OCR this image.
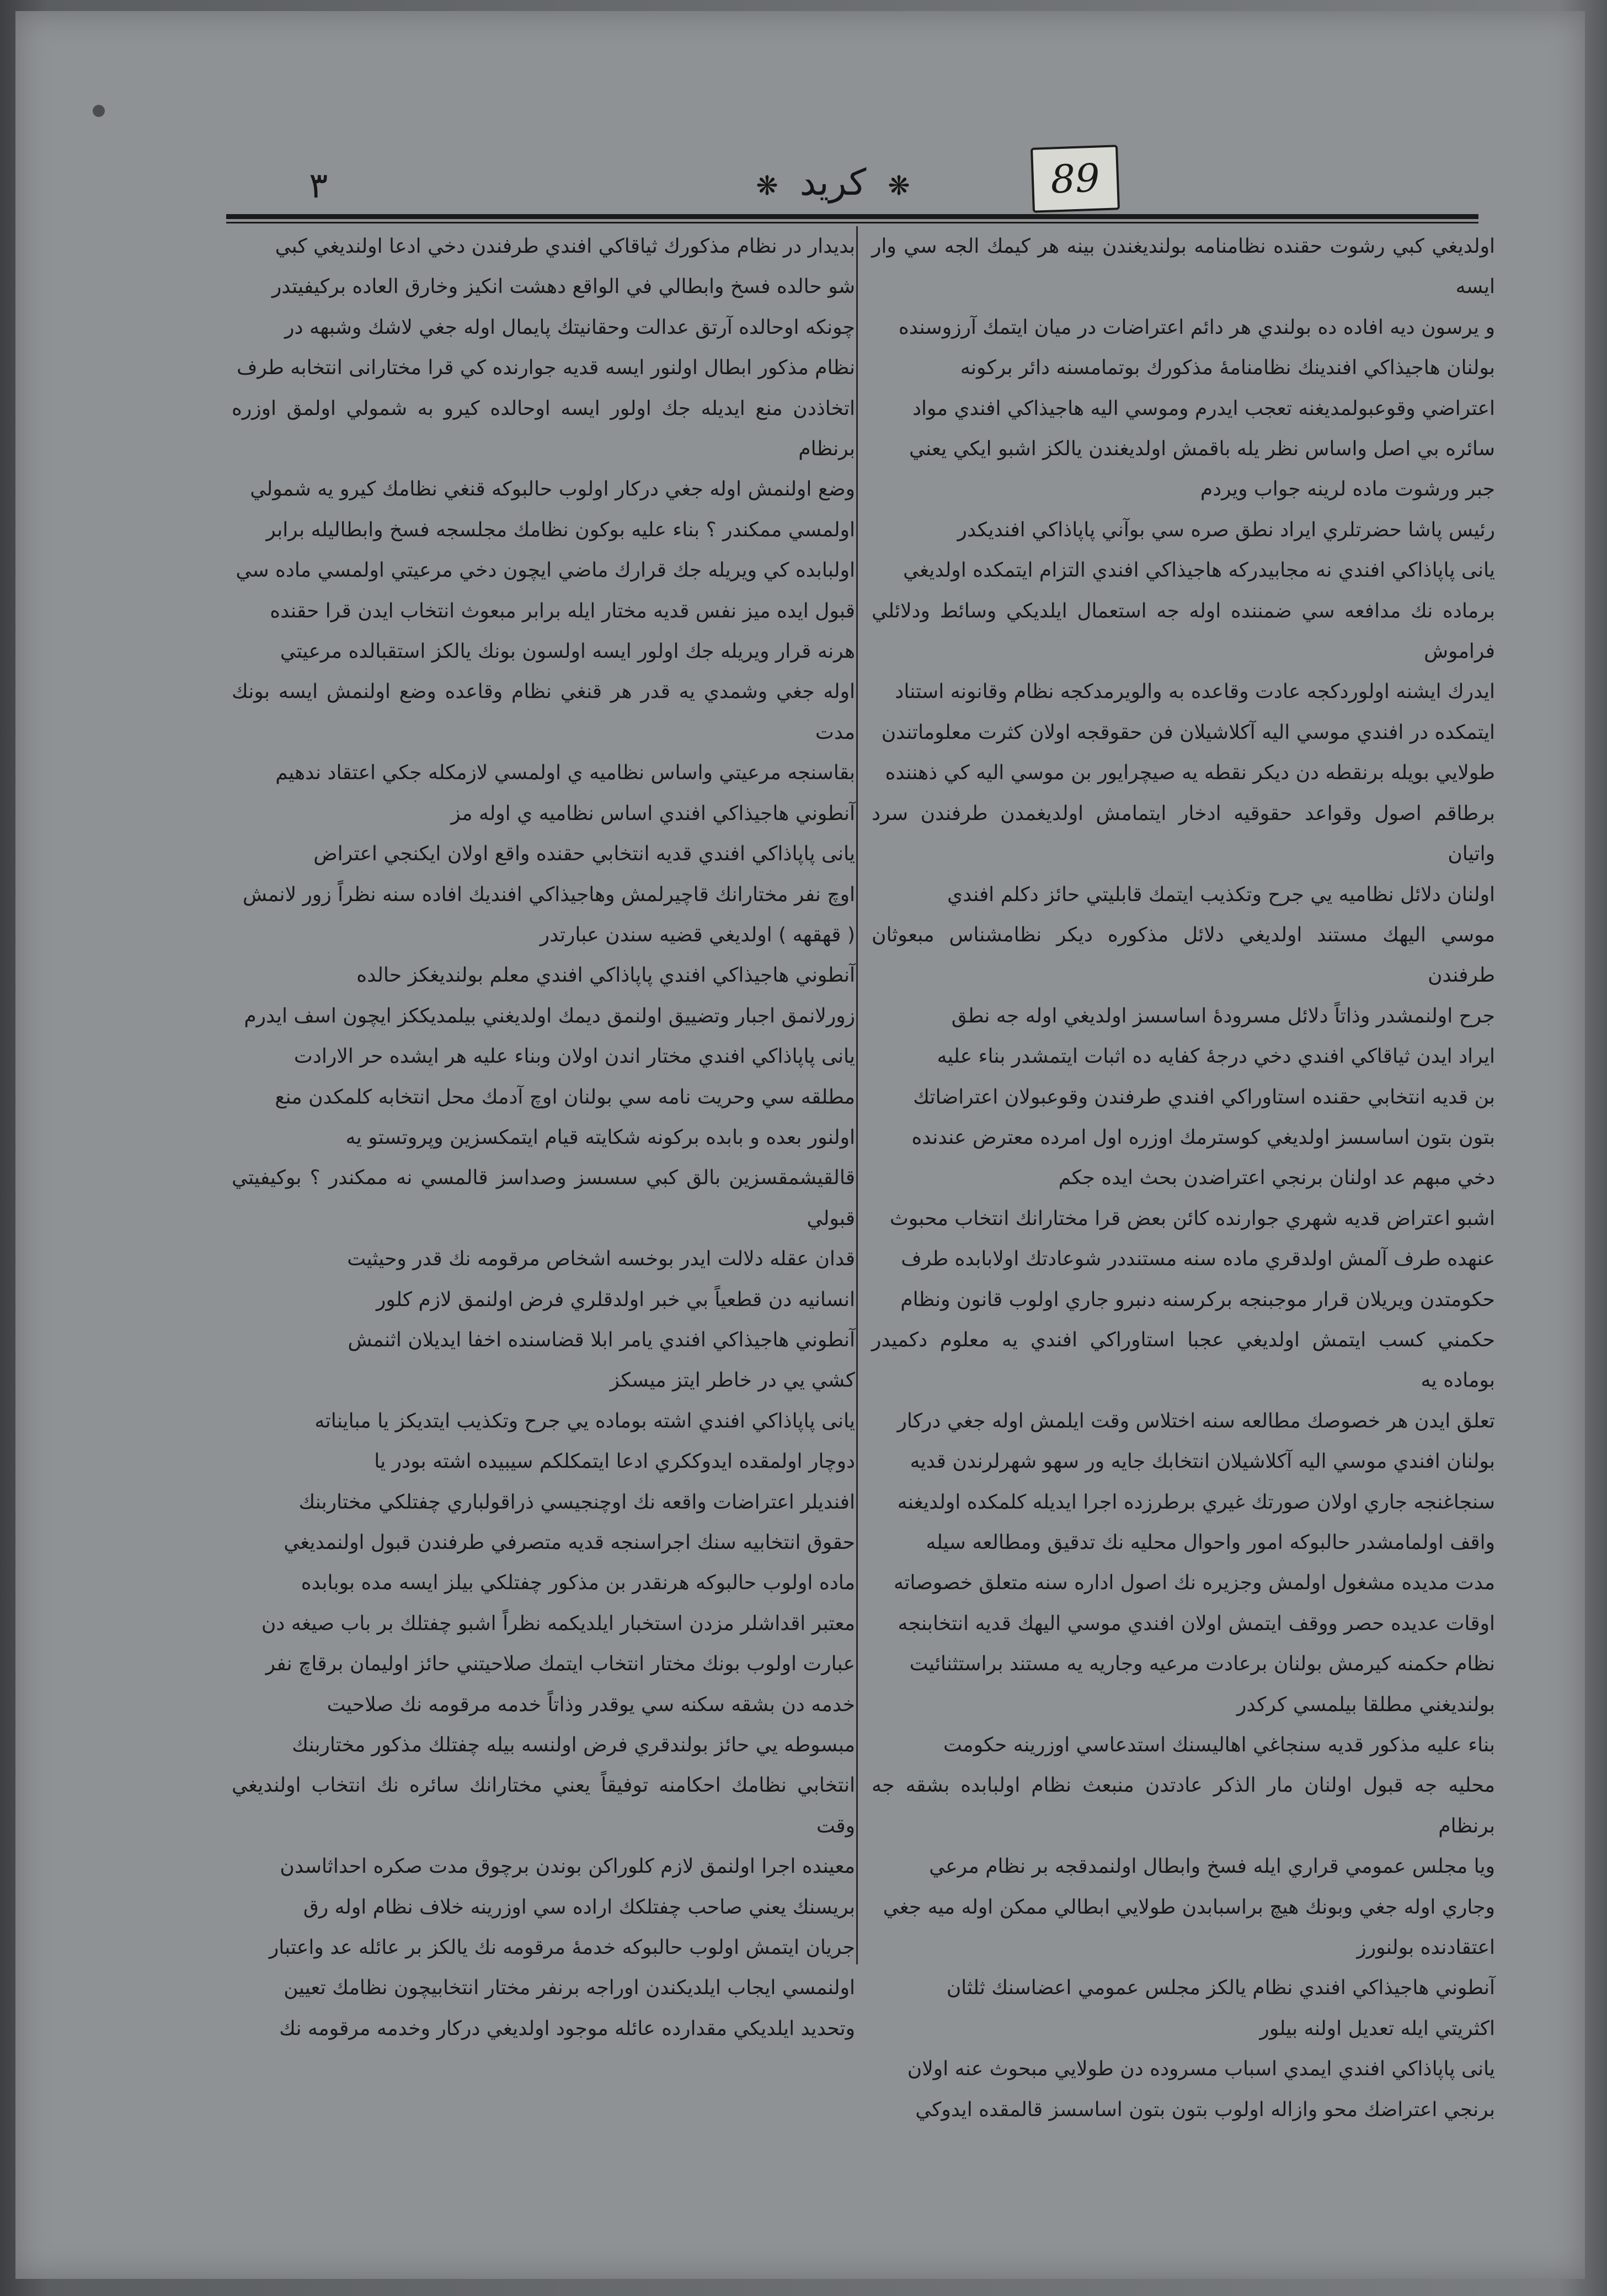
٣	❋ كريد ❋	89

اولديغي كبي رشوت حقنده نظامنامه بولنديغندن بينه هر كيمك الجه سي وار ايسه

و يرسون ديه افاده ده بولندي هر دائم اعتراضات در ميان ايتمك آرزوسنده

بولنان هاجيذاكي افندينك نظامنامهٔ مذكورك بوتمامسنه دائر بركونه

اعتراضي وقوعبولمديغنه تعجب ايدرم وموسي اليه هاجيذاكي افندي مواد

سائره بي اصل واساس نظر يله باقمش اولديغندن يالكز اشبو ايكي يعني

جبر ورشوت ماده لرينه جواب ويردم

رئيس پاشا حضرتلري ايراد نطق صره سي بوآني پاپاذاكي افنديكدر

يانی پاپاذاكي افندي نه مجابيدركه هاجيذاكي افندي التزام ايتمكده اولديغي

برماده نك مدافعه سي ضمننده اوله جه استعمال ايلديكي وسائط ودلائلي فراموش

ايدرك ايشنه اولوردكجه عادت وقاعده به والويرمدكجه نظام وقانونه استناد

ايتمكده در افندي موسي اليه آكلاشيلان فن حقوقجه اولان كثرت معلوماتندن

طولايي بويله برنقطه دن ديكر نقطه يه صيچرايور بن موسي اليه كي ذهننده

برطاقم اصول وقواعد حقوقيه ادخار ايتمامش اولديغمدن طرفندن سرد واتيان

اولنان دلائل نظاميه يي جرح وتكذيب ايتمك قابليتي حائز دكلم افندي

موسي اليهك مستند اولديغي دلائل مذكوره ديكر نظامشناس مبعوثان طرفندن

جرح اولنمشدر وذاتاً دلائل مسرودهٔ اساسسز اولديغي اوله جه نطق

ايراد ايدن ثياقاكي افندي دخي درجهٔ كفايه ده اثبات ايتمشدر بناء عليه

بن قديه انتخابي حقنده استاوراكي افندي طرفندن وقوعبولان اعتراضاتك

بتون بتون اساسسز اولديغي كوسترمك اوزره اول امرده معترض عندنده

دخي مبهم عد اولنان برنجي اعتراضدن بحث ايده جكم

اشبو اعتراض قديه شهري جوارنده كائن بعض قرا مختارانك انتخاب محبوث

عنهده طرف آلمش اولدقري ماده سنه مستنددر شوعادتك اولابابده طرف

حكومتدن ويريلان قرار موجبنجه بركرسنه دنبرو جاري اولوب قانون ونظام

حكمني كسب ايتمش اولديغي عجبا استاوراكي افندي يه معلوم دكميدر بوماده يه

تعلق ايدن هر خصوصك مطالعه سنه اختلاس وقت ايلمش اوله جغي دركار

بولنان افندي موسي اليه آكلاشيلان انتخابك جايه ور سهو شهرلرندن قديه

سنجاغنجه جاري اولان صورتك غيري برطرزده اجرا ايديله كلمكده اولديغنه

واقف اولمامشدر حالبوكه امور واحوال محليه نك تدقيق ومطالعه سيله

مدت مديده مشغول اولمش وجزيره نك اصول اداره سنه متعلق خصوصاته

اوقات عديده حصر ووقف ايتمش اولان افندي موسي اليهك قديه انتخابنجه

نظام حكمنه كيرمش بولنان برعادت مرعيه وجاريه يه مستند براستثنائيت

بولنديغني مطلقا بيلمسي كركدر

بناء عليه مذكور قديه سنجاغي اهاليسنك استدعاسي اوزرينه حكومت

محليه جه قبول اولنان مار الذكر عادتدن منبعث نظام اولبابده بشقه جه برنظام

ويا مجلس عمومي قراري ايله فسخ وابطال اولنمدقجه بر نظام مرعي

وجاري اوله جغي وبونك هيچ براسبابدن طولايي ابطالي ممكن اوله ميه جغي

اعتقادنده بولنورز

آنطوني هاجيذاكي افندي نظام يالكز مجلس عمومي اعضاسنك ثلثان

اكثريتي ايله تعديل اولنه بيلور

يانی پاپاذاكي افندي ايمدي اسباب مسروده دن طولايي مبحوث عنه اولان

برنجي اعتراضك محو وازاله اولوب بتون بتون اساسسز قالمقده ايدوكي

بديدار در نظام مذكورك ثياقاكي افندي طرفندن دخي ادعا اولنديغي كبي

شو حالده فسخ وابطالي في الواقع دهشت انكيز وخارق العاده بركيفيتدر

چونكه اوحالده آرتق عدالت وحقانيتك پايمال اوله جغي لاشك وشبهه در

نظام مذكور ابطال اولنور ايسه قديه جوارنده كي قرا مختارانى انتخابه طرف

اتخاذدن منع ايديله جك اولور ايسه اوحالده كيرو به شمولي اولمق اوزره برنظام

وضع اولنمش اوله جغي دركار اولوب حالبوكه قنغي نظامك كيرو يه شمولي

اولمسي ممكندر ؟ بناء عليه بوكون نظامك مجلسجه فسخ وابطاليله برابر

اولبابده كي ويريله جك قرارك ماضي ايچون دخي مرعيتي اولمسي ماده سي

قبول ايده ميز نفس قديه مختار ايله برابر مبعوث انتخاب ايدن قرا حقنده

هرنه قرار ويريله جك اولور ايسه اولسون بونك يالكز استقبالده مرعيتي

اوله جغي وشمدي يه قدر هر قنغي نظام وقاعده وضع اولنمش ايسه بونك مدت

بقاسنجه مرعيتي واساس نظاميه ي اولمسي لازمكله جكي اعتقاد ندهيم

آنطوني هاجيذاكي افندي اساس نظاميه ي اوله مز

يانی پاپاذاكي افندي قديه انتخابي حقنده واقع اولان ايكنجي اعتراض

اوچ نفر مختارانك قاچيرلمش وهاجيذاكي افنديك افاده سنه نظراً زور لانمش

( قهقهه ) اولديغي قضيه سندن عبارتدر

آنطوني هاجيذاكي افندي پاپاذاكي افندي معلم بولنديغكز حالده

زورلانمق اجبار وتضييق اولنمق ديمك اولديغني بيلمديككز ايچون اسف ايدرم

يانی پاپاذاكي افندي مختار اندن اولان وبناء عليه هر ايشده حر الارادت

مطلقه سي وحريت نامه سي بولنان اوچ آدمك محل انتخابه كلمكدن منع

اولنور بعده و بابده بركونه شكايته قيام ايتمكسزين وپروتستو يه

قالقيشمقسزين بالق كبي سسسز وصداسز قالمسي نه ممكندر ؟ بوكيفيتي قبولي

قدان عقله دلالت ايدر بوخسه اشخاص مرقومه نك قدر وحيثيت

انسانيه دن قطعياً بي خبر اولدقلري فرض اولنمق لازم كلور

آنطوني هاجيذاكي افندي يامر ابلا قضاسنده اخفا ايديلان اثنمش

كشي يي در خاطر ايتز ميسكز

يانی پاپاذاكي افندي اشته بوماده يي جرح وتكذيب ايتديكز يا مبايناته

دوچار اولمقده ايدوككري ادعا ايتمكلكم سيبيده اشته بودر يا

افنديلر اعتراضات واقعه نك اوچنجيسي ذراقولباري چفتلكي مختاربنك

حقوق انتخابيه سنك اجراسنجه قديه متصرفي طرفندن قبول اولنمديغي

ماده اولوب حالبوكه هرنقدر بن مذكور چفتلكي بيلز ايسه مده بوبابده

معتبر اقداشلر مزدن استخبار ايلديكمه نظراً اشبو چفتلك بر باب صيغه دن

عبارت اولوب بونك مختار انتخاب ايتمك صلاحيتني حائز اوليمان برقاچ نفر

خدمه دن بشقه سكنه سي يوقدر وذاتاً خدمه مرقومه نك صلاحيت

مبسوطه يي حائز بولندقري فرض اولنسه بيله چفتلك مذكور مختاربنك

انتخابي نظامك احكامنه توفيقاً يعني مختارانك سائره نك انتخاب اولنديغي وقت

معينده اجرا اولنمق لازم كلوراكن بوندن برچوق مدت صكره احداثاسدن

بريسنك يعني صاحب چفتلكك اراده سي اوزرينه خلاف نظام اوله رق

جريان ايتمش اولوب حالبوكه خدمهٔ مرقومه نك يالكز بر عائله عد واعتبار

اولنمسي ايجاب ايلديكندن اوراجه برنفر مختار انتخابيچون نظامك تعيين

وتحديد ايلديكي مقدارده عائله موجود اولديغي دركار وخدمه مرقومه نك
